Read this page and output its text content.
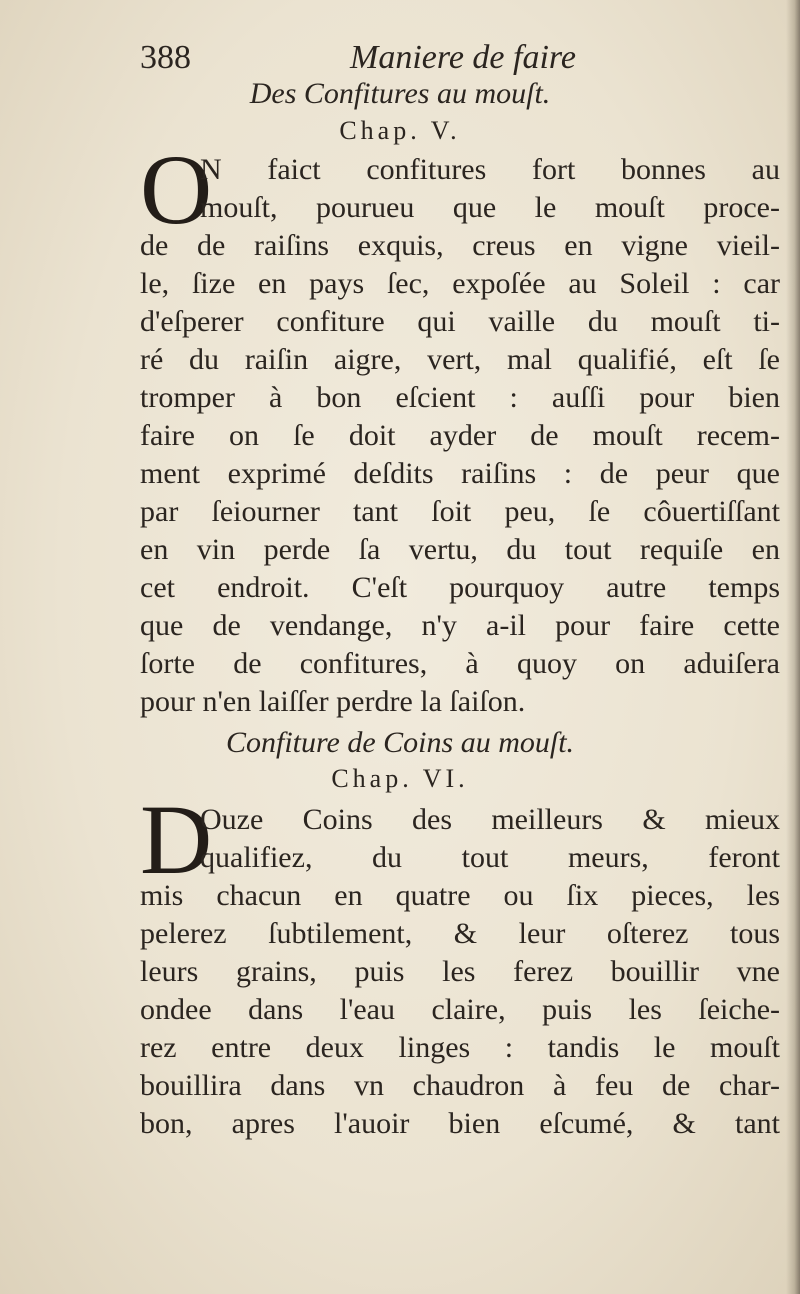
388	Maniere de faire
Des Confitures au mouſt.
Chap. V.
O
N faict confitures fort bonnes au
mouſt, pourueu que le mouſt proce-
de de raiſins exquis, creus en vigne vieil-
le, ſize en pays ſec, expoſée au Soleil : car
d'eſperer confiture qui vaille du mouſt ti-
ré du raiſin aigre, vert, mal qualifié, eſt ſe
tromper à bon eſcient : auſſi pour bien
faire on ſe doit ayder de mouſt recem-
ment exprimé deſdits raiſins : de peur que
par ſeiourner tant ſoit peu, ſe côuertiſſant
en vin perde ſa vertu, du tout requiſe en
cet endroit. C'eſt pourquoy autre temps
que de vendange, n'y a-il pour faire cette
ſorte de confitures, à quoy on aduiſera
pour n'en laiſſer perdre la ſaiſon.
Confiture de Coins au mouſt.
Chap. VI.
D
Ouze Coins des meilleurs & mieux
qualifiez, du tout meurs, feront
mis chacun en quatre ou ſix pieces, les
pelerez ſubtilement, & leur oſterez tous
leurs grains, puis les ferez bouillir vne
ondee dans l'eau claire, puis les ſeiche-
rez entre deux linges : tandis le mouſt
bouillira dans vn chaudron à feu de char-
bon, apres l'auoir bien eſcumé, & tant
